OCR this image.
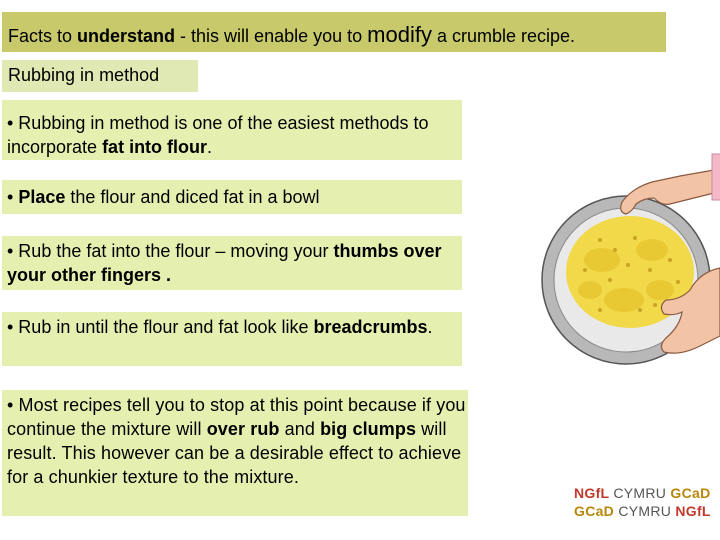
Facts to understand - this will enable you to modify a crumble recipe.
Rubbing in method
• Rubbing in method is one of the easiest methods to incorporate fat into flour.
• Place the flour and diced fat in a bowl
• Rub the fat into the flour – moving your thumbs over your other fingers .
• Rub in until the flour and fat look like breadcrumbs.
• Most recipes tell you to stop at this point because if you continue the mixture will over rub and big clumps will result. This however can be a desirable effect to achieve for a chunkier texture to the mixture.
NGfL CYMRU GCaD
GCaD CYMRU NGfL
